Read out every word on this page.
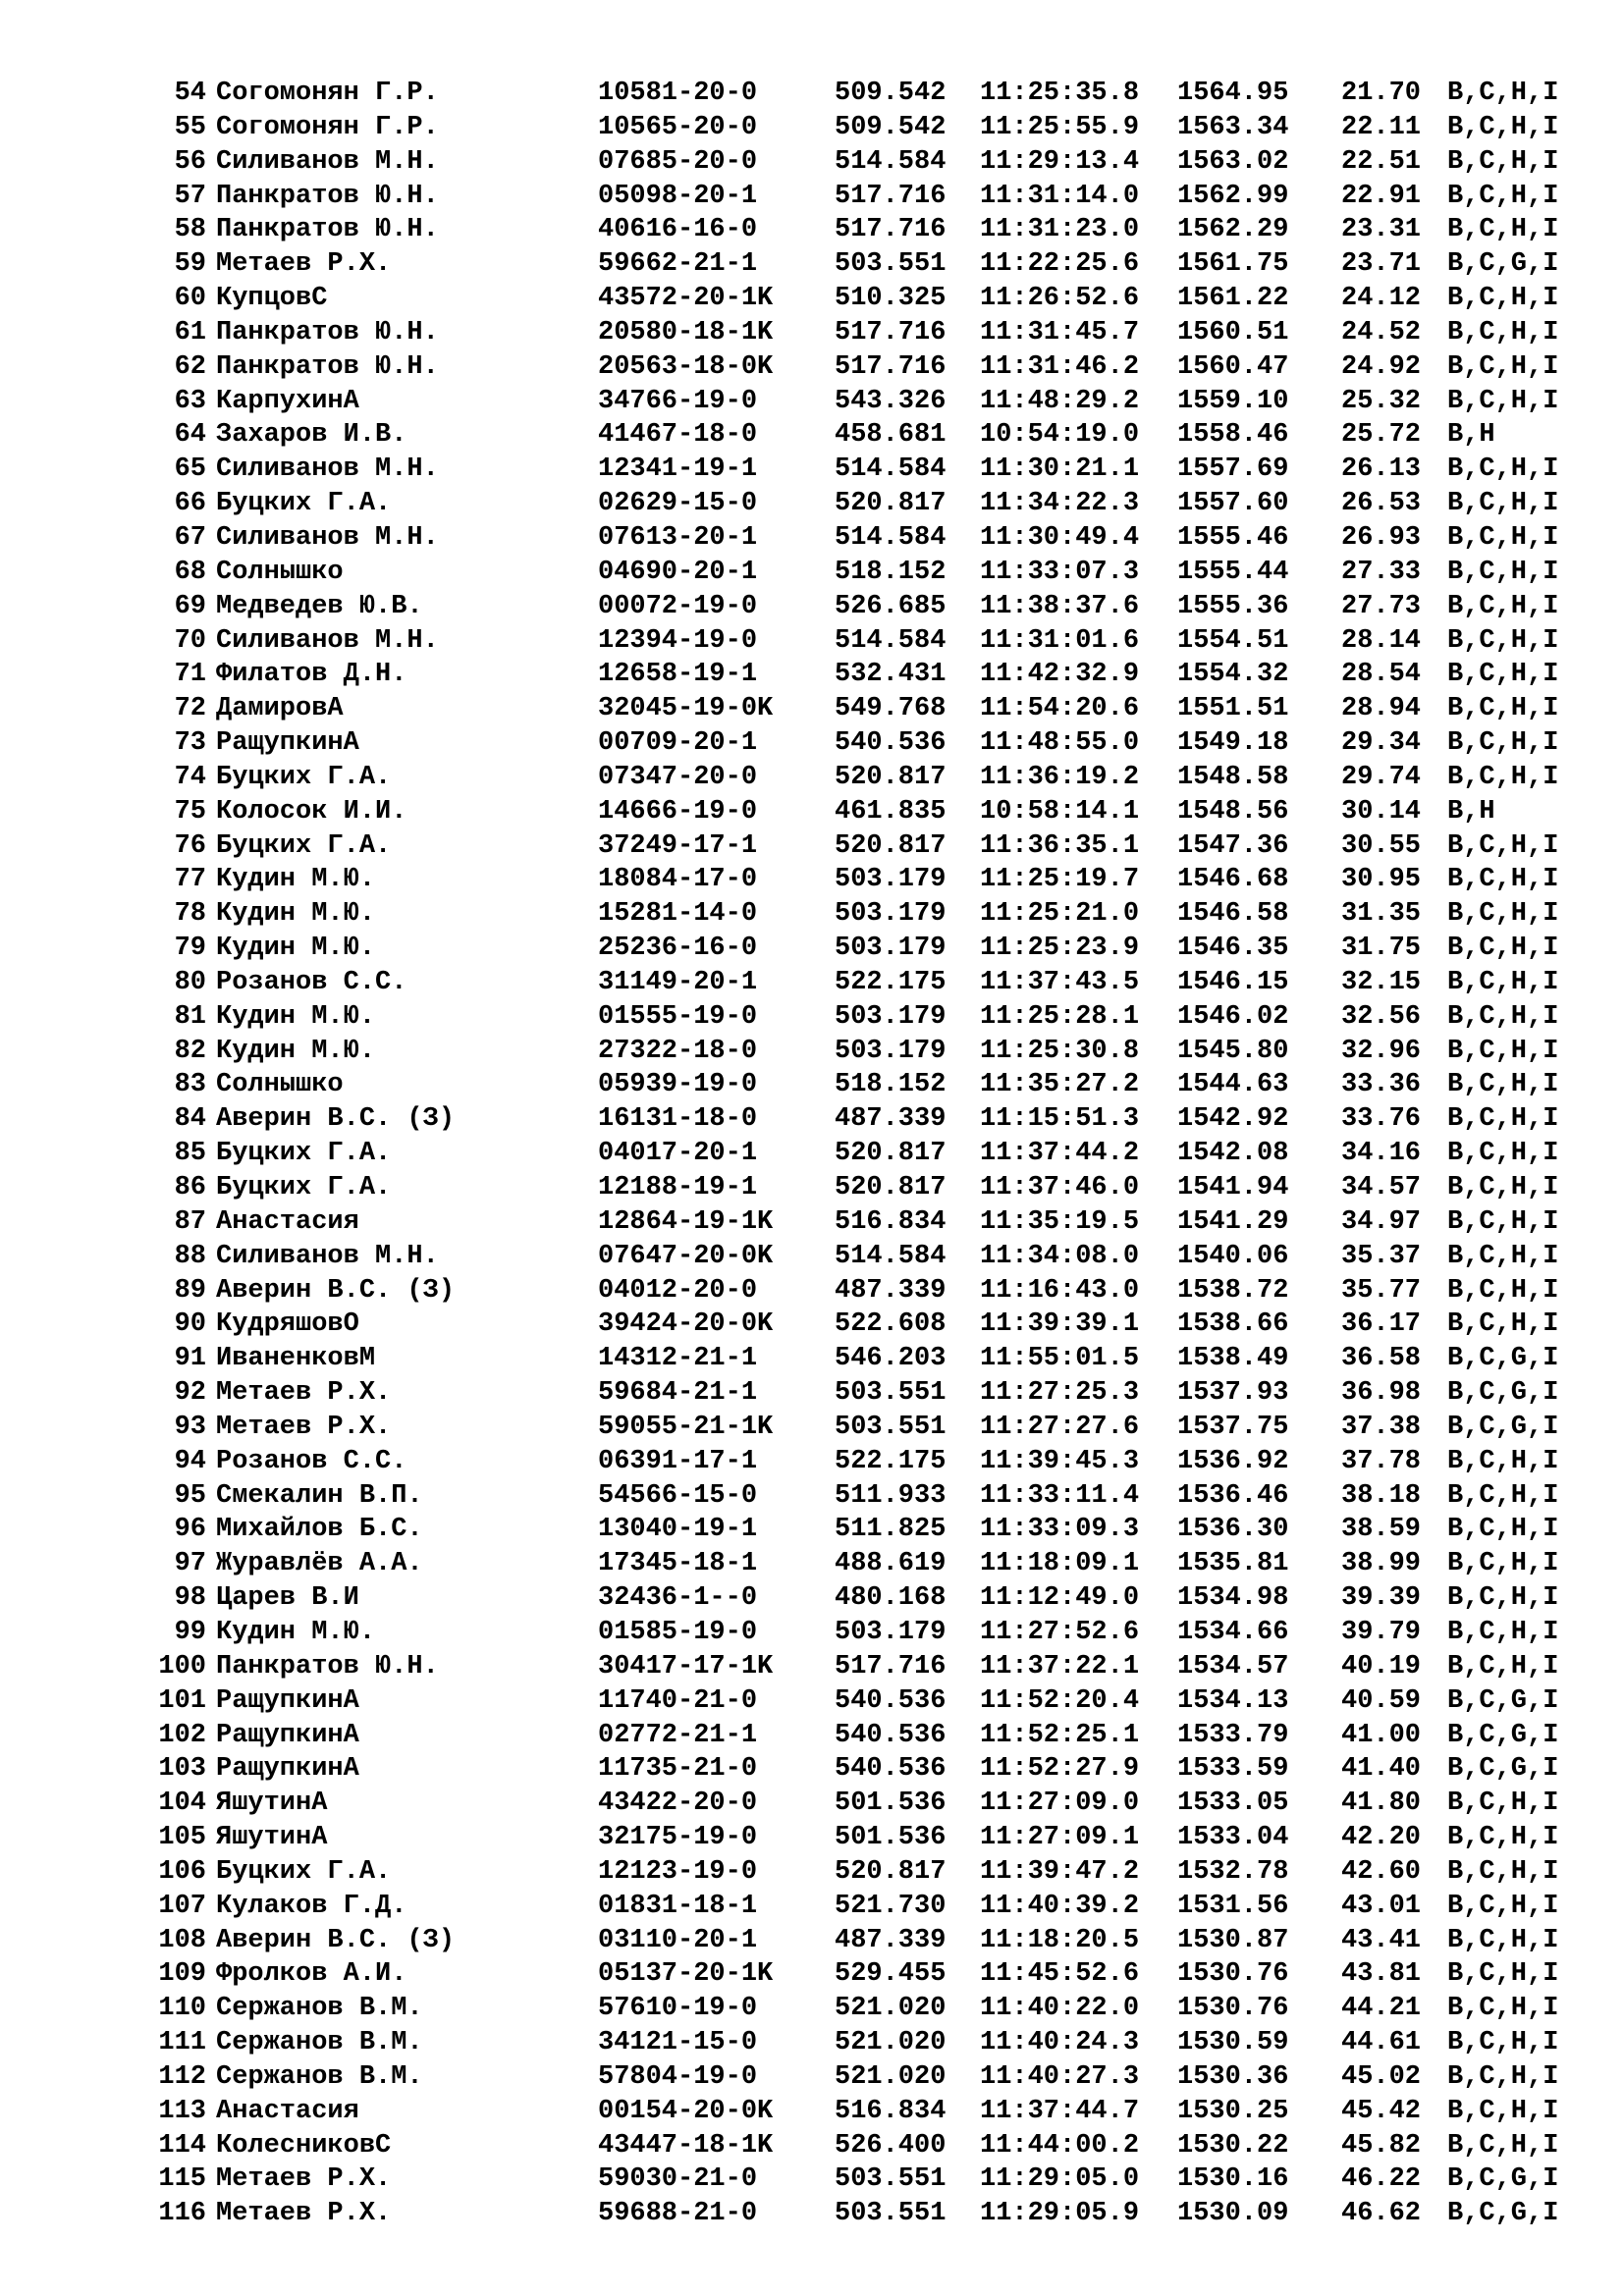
54 Согомонян Г.Р.	10581-20-0	509.542 11:25:35.8 1564.95 21.70 B,C,H,I
55 Согомонян Г.Р.	10565-20-0	509.542 11:25:55.9 1563.34 22.11 B,C,H,I
56 Силиванов М.Н.	07685-20-0	514.584 11:29:13.4 1563.02 22.51 B,C,H,I
57 Панкратов Ю.Н.	05098-20-1	517.716 11:31:14.0 1562.99 22.91 B,C,H,I
58 Панкратов Ю.Н.	40616-16-0	517.716 11:31:23.0 1562.29 23.31 B,C,H,I
59 Метаев Р.Х.	59662-21-1	503.551 11:22:25.6 1561.75 23.71 B,C,G,I
60 КупцовС	43572-20-1K 510.325 11:26:52.6 1561.22 24.12 B,C,H,I
61 Панкратов Ю.Н.	20580-18-1K 517.716 11:31:45.7 1560.51 24.52 B,C,H,I
62 Панкратов Ю.Н.	20563-18-0K 517.716 11:31:46.2 1560.47 24.92 B,C,H,I
63 КарпухинА	34766-19-0	543.326 11:48:29.2 1559.10 25.32 B,C,H,I
64 Захаров И.В.	41467-18-0	458.681 10:54:19.0 1558.46 25.72 B,H
65 Силиванов М.Н.	12341-19-1	514.584 11:30:21.1 1557.69 26.13 B,C,H,I
66 Буцких Г.А.	02629-15-0	520.817 11:34:22.3 1557.60 26.53 B,C,H,I
67 Силиванов М.Н.	07613-20-1	514.584 11:30:49.4 1555.46 26.93 B,C,H,I
68 Солнышко	04690-20-1	518.152 11:33:07.3 1555.44 27.33 B,C,H,I
69 Медведев Ю.В.	00072-19-0	526.685 11:38:37.6 1555.36 27.73 B,C,H,I
70 Силиванов М.Н.	12394-19-0	514.584 11:31:01.6 1554.51 28.14 B,C,H,I
71 Филатов Д.Н.	12658-19-1	532.431 11:42:32.9 1554.32 28.54 B,C,H,I
72 ДамировА	32045-19-0K 549.768 11:54:20.6 1551.51 28.94 B,C,H,I
73 РащупкинА	00709-20-1	540.536 11:48:55.0 1549.18 29.34 B,C,H,I
74 Буцких Г.А.	07347-20-0	520.817 11:36:19.2 1548.58 29.74 B,C,H,I
75 Колосок И.И.	14666-19-0	461.835 10:58:14.1 1548.56 30.14 B,H
76 Буцких Г.А.	37249-17-1	520.817 11:36:35.1 1547.36 30.55 B,C,H,I
77 Кудин М.Ю.	18084-17-0	503.179 11:25:19.7 1546.68 30.95 B,C,H,I
78 Кудин М.Ю.	15281-14-0	503.179 11:25:21.0 1546.58 31.35 B,C,H,I
79 Кудин М.Ю.	25236-16-0	503.179 11:25:23.9 1546.35 31.75 B,C,H,I
80 Розанов С.С.	31149-20-1	522.175 11:37:43.5 1546.15 32.15 B,C,H,I
81 Кудин М.Ю.	01555-19-0	503.179 11:25:28.1 1546.02 32.56 B,C,H,I
82 Кудин М.Ю.	27322-18-0	503.179 11:25:30.8 1545.80 32.96 B,C,H,I
83 Солнышко	05939-19-0	518.152 11:35:27.2 1544.63 33.36 B,C,H,I
84 Аверин В.С. (З)	16131-18-0	487.339 11:15:51.3 1542.92 33.76 B,C,H,I
85 Буцких Г.А.	04017-20-1	520.817 11:37:44.2 1542.08 34.16 B,C,H,I
86 Буцких Г.А.	12188-19-1	520.817 11:37:46.0 1541.94 34.57 B,C,H,I
87 Анастасия	12864-19-1K 516.834 11:35:19.5 1541.29 34.97 B,C,H,I
88 Силиванов М.Н.	07647-20-0K 514.584 11:34:08.0 1540.06 35.37 B,C,H,I
89 Аверин В.С. (З)	04012-20-0	487.339 11:16:43.0 1538.72 35.77 B,C,H,I
90 КудряшовО	39424-20-0K 522.608 11:39:39.1 1538.66 36.17 B,C,H,I
91 ИваненковМ	14312-21-1	546.203 11:55:01.5 1538.49 36.58 B,C,G,I
92 Метаев Р.Х.	59684-21-1	503.551 11:27:25.3 1537.93 36.98 B,C,G,I
93 Метаев Р.Х.	59055-21-1K 503.551 11:27:27.6 1537.75 37.38 B,C,G,I
94 Розанов С.С.	06391-17-1	522.175 11:39:45.3 1536.92 37.78 B,C,H,I
95 Смекалин В.П.	54566-15-0	511.933 11:33:11.4 1536.46 38.18 B,C,H,I
96 Михайлов Б.С.	13040-19-1	511.825 11:33:09.3 1536.30 38.59 B,C,H,I
97 Журавлёв А.А.	17345-18-1	488.619 11:18:09.1 1535.81 38.99 B,C,H,I
98 Царев В.И	32436-1--0	480.168 11:12:49.0 1534.98 39.39 B,C,H,I
99 Кудин М.Ю.	01585-19-0	503.179 11:27:52.6 1534.66 39.79 B,C,H,I
100 Панкратов Ю.Н.	30417-17-1K 517.716 11:37:22.1 1534.57 40.19 B,C,H,I
101 РащупкинА	11740-21-0	540.536 11:52:20.4 1534.13 40.59 B,C,G,I
102 РащупкинА	02772-21-1	540.536 11:52:25.1 1533.79 41.00 B,C,G,I
103 РащупкинА	11735-21-0	540.536 11:52:27.9 1533.59 41.40 B,C,G,I
104 ЯшутинА	43422-20-0	501.536 11:27:09.0 1533.05 41.80 B,C,H,I
105 ЯшутинА	32175-19-0	501.536 11:27:09.1 1533.04 42.20 B,C,H,I
106 Буцких Г.А.	12123-19-0	520.817 11:39:47.2 1532.78 42.60 B,C,H,I
107 Кулаков Г.Д.	01831-18-1	521.730 11:40:39.2 1531.56 43.01 B,C,H,I
108 Аверин В.С. (З)	03110-20-1	487.339 11:18:20.5 1530.87 43.41 B,C,H,I
109 Фролков А.И.	05137-20-1K 529.455 11:45:52.6 1530.76 43.81 B,C,H,I
110 Сержанов В.М.	57610-19-0	521.020 11:40:22.0 1530.76 44.21 B,C,H,I
111 Сержанов В.М.	34121-15-0	521.020 11:40:24.3 1530.59 44.61 B,C,H,I
112 Сержанов В.М.	57804-19-0	521.020 11:40:27.3 1530.36 45.02 B,C,H,I
113 Анастасия	00154-20-0K 516.834 11:37:44.7 1530.25 45.42 B,C,H,I
114 КолесниковС	43447-18-1K 526.400 11:44:00.2 1530.22 45.82 B,C,H,I
115 Метаев Р.Х.	59030-21-0	503.551 11:29:05.0 1530.16 46.22 B,C,G,I
116 Метаев Р.Х.	59688-21-0	503.551 11:29:05.9 1530.09 46.62 B,C,G,I
